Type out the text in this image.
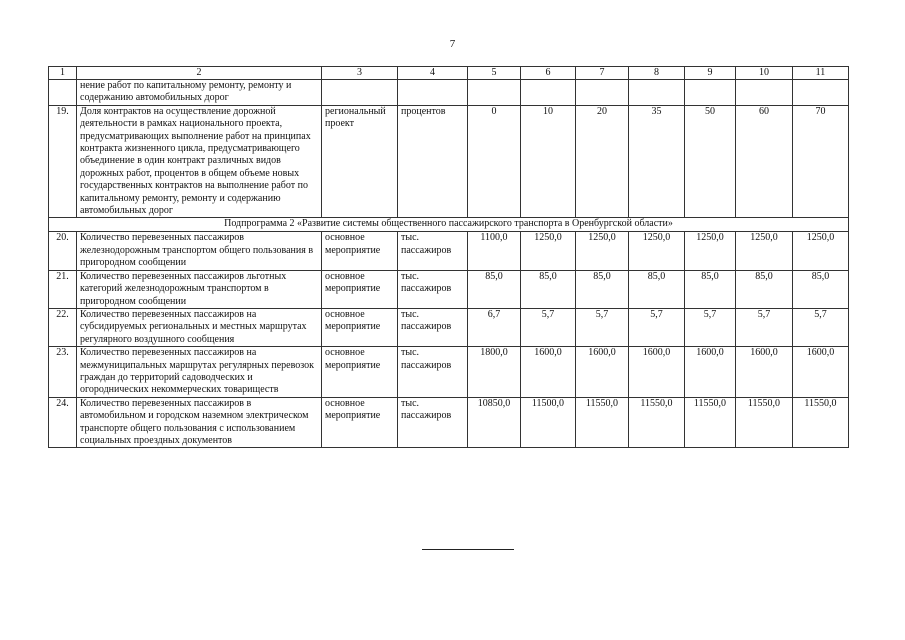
7
1	2	3	4	5	6	7	8	9	10	11
	нение работ по капитальному ремонту, ремонту и содержанию автомобильных дорог									
19.	Доля контрактов на осуществление дорожной деятельности в рамках национального проекта, предусматривающих выполнение работ на принципах контракта жизненного цикла, предусматривающего объединение в один контракт различных видов дорожных работ, процентов в общем объеме новых государственных контрактов на выполнение работ по капитальному ремонту, ремонту и содержанию автомобильных дорог	региональный проект	процентов	0	10	20	35	50	60	70
Подпрограмма 2 «Развитие системы общественного пассажирского транспорта в Оренбургской области»										
20.	Количество перевезенных пассажиров железнодорожным транспортом общего пользования в пригородном сообщении	основное мероприятие	тыс. пассажиров	1100,0	1250,0	1250,0	1250,0	1250,0	1250,0	1250,0
21.	Количество перевезенных пассажиров льготных категорий железнодорожным транспортом в пригородном сообщении	основное мероприятие	тыс. пассажиров	85,0	85,0	85,0	85,0	85,0	85,0	85,0
22.	Количество перевезенных пассажиров на субсидируемых региональных и местных маршрутах регулярного воздушного сообщения	основное мероприятие	тыс. пассажиров	6,7	5,7	5,7	5,7	5,7	5,7	5,7
23.	Количество перевезенных пассажиров на межмуниципальных маршрутах регулярных перевозок граждан до территорий садоводческих и огороднических некоммерческих товариществ	основное мероприятие	тыс. пассажиров	1800,0	1600,0	1600,0	1600,0	1600,0	1600,0	1600,0
24.	Количество перевезенных пассажиров в автомобильном и городском наземном электрическом транспорте общего пользования с использованием социальных проездных документов	основное мероприятие	тыс. пассажиров	10850,0	11500,0	11550,0	11550,0	11550,0	11550,0	11550,0
